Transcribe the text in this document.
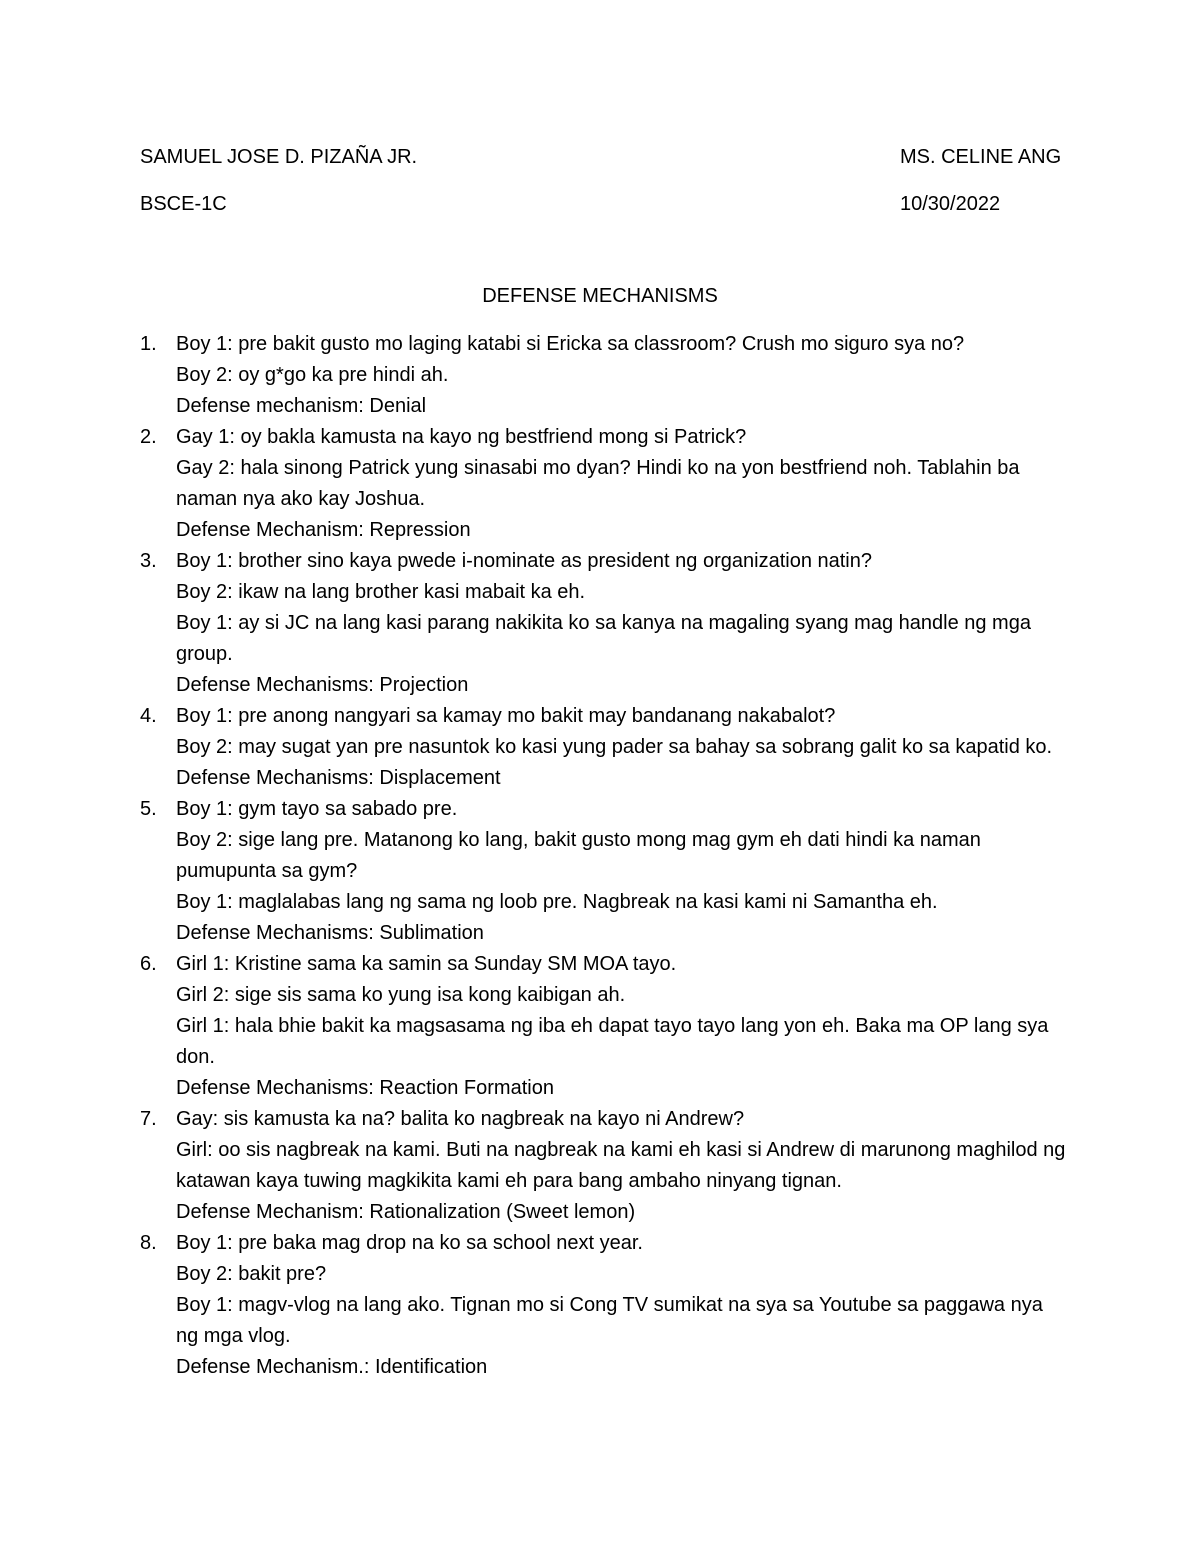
SAMUEL JOSE D. PIZAÑA JR.	MS. CELINE ANG
BSCE-1C	10/30/2022
DEFENSE MECHANISMS
1. Boy 1: pre bakit gusto mo laging katabi si Ericka sa classroom? Crush mo siguro sya no?
Boy 2: oy g*go ka pre hindi ah.
Defense mechanism: Denial
2. Gay 1: oy bakla kamusta na kayo ng bestfriend mong si Patrick?
Gay 2: hala sinong Patrick yung sinasabi mo dyan? Hindi ko na yon bestfriend noh. Tablahin ba naman nya ako kay Joshua.
Defense Mechanism: Repression
3. Boy 1: brother sino kaya pwede i-nominate as president ng organization natin?
Boy 2: ikaw na lang brother kasi mabait ka eh.
Boy 1: ay si JC na lang kasi parang nakikita ko sa kanya na magaling syang mag handle ng mga group.
Defense Mechanisms: Projection
4. Boy 1: pre anong nangyari sa kamay mo bakit may bandanang nakabalot?
Boy 2: may sugat yan pre nasuntok ko kasi yung pader sa bahay sa sobrang galit ko sa kapatid ko.
Defense Mechanisms: Displacement
5. Boy 1: gym tayo sa sabado pre.
Boy 2: sige lang pre. Matanong ko lang, bakit gusto mong mag gym eh dati hindi ka naman pumupunta sa gym?
Boy 1: maglalabas lang ng sama ng loob pre. Nagbreak na kasi kami ni Samantha eh.
Defense Mechanisms: Sublimation
6. Girl 1: Kristine sama ka samin sa Sunday SM MOA tayo.
Girl 2: sige sis sama ko yung isa kong kaibigan ah.
Girl 1: hala bhie bakit ka magsasama ng iba eh dapat tayo tayo lang yon eh. Baka ma OP lang sya don.
Defense Mechanisms: Reaction Formation
7. Gay: sis kamusta ka na? balita ko nagbreak na kayo ni Andrew?
Girl: oo sis nagbreak na kami. Buti na nagbreak na kami eh kasi si Andrew di marunong maghilod ng katawan kaya tuwing magkikita kami eh para bang ambaho ninyang tignan.
Defense Mechanism: Rationalization (Sweet lemon)
8. Boy 1: pre baka mag drop na ko sa school next year.
Boy 2: bakit pre?
Boy 1: magv-vlog na lang ako. Tignan mo si Cong TV sumikat na sya sa Youtube sa paggawa nya ng mga vlog.
Defense Mechanism.: Identification
